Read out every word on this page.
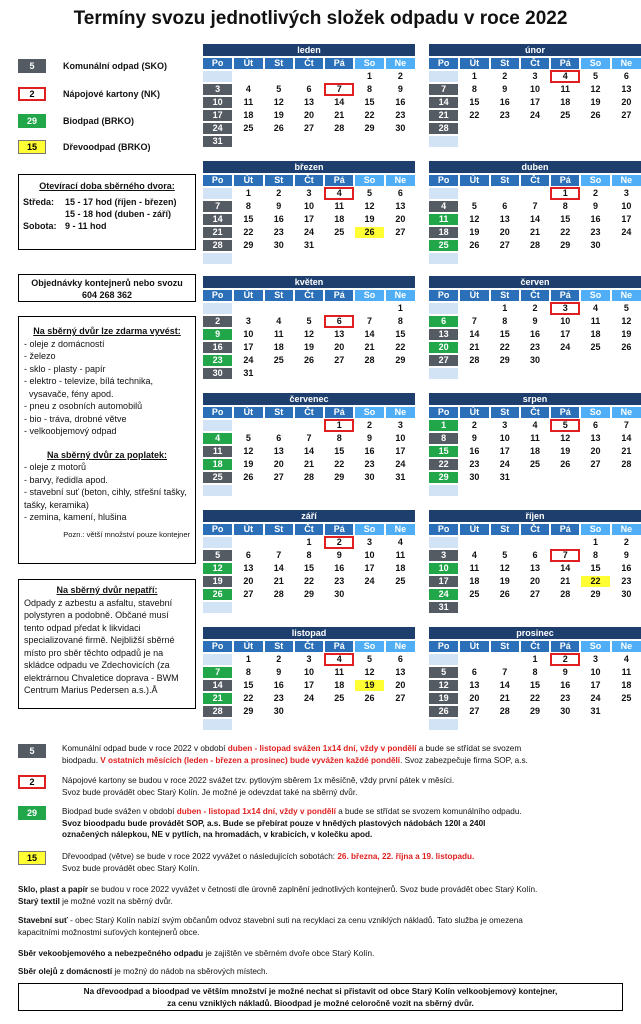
Termíny svozu jednotlivých složek odpadu v roce 2022
5	Komunální odpad (SKO)
2	Nápojové kartony (NK)
29	Biodpad (BRKO)
15	Dřevoodpad (BRKO)
Otevírací doba sběrného dvora:
Středa:	15 - 17 hod (říjen - březen)
15 - 18 hod (duben - září)
Sobota: 9 - 11 hod
Objednávky kontejnerů nebo svozu
604 268 362
Na sběrný dvůr lze zdarma vyvést:
- oleje z domácností
- železo
- sklo - plasty - papír
- elektro - televize, bílá technika,
vysavače, fény apod.
- pneu z osobních automobilů
- bio - tráva, drobné větve
- velkoobjemový odpad
Na sběrný dvůr za poplatek:
- oleje z motorů
- barvy, ředidla apod.
- stavební suť (beton, cihly, střešní tašky,
tašky, keramika)
- zemina, kamení, hlušina
Pozn.: větší množství pouze kontejner
Na sběrný dvůr nepatří:
Odpady z azbestu a asfaltu, stavební
polystyren a podobně. Občané musí
tento odpad předat k likvidaci
specializované firmě. Nejbližší sběrné
místo pro sběr těchto odpadů je na
skládce odpadu ve Zdechovicích (za
elektrárnou Chvaletice doprava - BWM
Centrum Marius Pedersen a.s.).Å
leden						
Po	Út	St	Čt	Pá	So	Ne
					1	2
3	4	5	6	7	8	9
10	11	12	13	14	15	16
17	18	19	20	21	22	23
24	25	26	27	28	29	30
31						
únor						
Po	Út	St	Čt	Pá	So	Ne
	1	2	3	4	5	6
7	8	9	10	11	12	13
14	15	16	17	18	19	20
21	22	23	24	25	26	27
28						

březen						
Po	Út	St	Čt	Pá	So	Ne
	1	2	3	4	5	6
7	8	9	10	11	12	13
14	15	16	17	18	19	20
21	22	23	24	25	26	27
28	29	30	31			

duben						
Po	Út	St	Čt	Pá	So	Ne
				1	2	3
4	5	6	7	8	9	10
11	12	13	14	15	16	17
18	19	20	21	22	23	24
25	26	27	28	29	30	

květen						
Po	Út	St	Čt	Pá	So	Ne
						1
2	3	4	5	6	7	8
9	10	11	12	13	14	15
16	17	18	19	20	21	22
23	24	25	26	27	28	29
30	31					
červen						
Po	Út	St	Čt	Pá	So	Ne
		1	2	3	4	5
6	7	8	9	10	11	12
13	14	15	16	17	18	19
20	21	22	23	24	25	26
27	28	29	30			

červenec						
Po	Út	St	Čt	Pá	So	Ne
				1	2	3
4	5	6	7	8	9	10
11	12	13	14	15	16	17
18	19	20	21	22	23	24
25	26	27	28	29	30	31

srpen						
Po	Út	St	Čt	Pá	So	Ne
1	2	3	4	5	6	7
8	9	10	11	12	13	14
15	16	17	18	19	20	21
22	23	24	25	26	27	28
29	30	31				

září						
Po	Út	St	Čt	Pá	So	Ne
			1	2	3	4
5	6	7	8	9	10	11
12	13	14	15	16	17	18
19	20	21	22	23	24	25
26	27	28	29	30		

říjen						
Po	Út	St	Čt	Pá	So	Ne
					1	2
3	4	5	6	7	8	9
10	11	12	13	14	15	16
17	18	19	20	21	22	23
24	25	26	27	28	29	30
31						
listopad						
Po	Út	St	Čt	Pá	So	Ne
	1	2	3	4	5	6
7	8	9	10	11	12	13
14	15	16	17	18	19	20
21	22	23	24	25	26	27
28	29	30				

prosinec						
Po	Út	St	Čt	Pá	So	Ne
			1	2	3	4
5	6	7	8	9	10	11
12	13	14	15	16	17	18
19	20	21	22	23	24	25
26	27	28	29	30	31	

5	Komunální odpad bude v roce 2022 v období duben - listopad svážen 1x14 dní, vždy v pondělí a bude se střídat se svozem
biodpadu. V ostatních měsících (leden - březen a prosinec) bude vyvážen každé pondělí. Svoz zabezpečuje firma SOP, a.s.
2	Nápojové kartony se budou v roce 2022 svážet tzv. pytlovým sběrem 1x měsíčně, vždy první pátek v měsíci.
Svoz bude provádět obec Starý Kolín. Je možné je odevzdat také na sběrný dvůr.
29	Biodpad bude svážen v období duben - listopad 1x14 dní, vždy v pondělí a bude se střídat se svozem komunálního odpadu.
Svoz bioodpadu bude provádět SOP, a.s. Bude se přebírat pouze v hnědých plastových nádobách 120l a 240l
označených nálepkou, NE v pytlích, na hromadách, v krabicích, v kolečku apod.
15	Dřevoodpad (větve) se bude v roce 2022 vyvážet o následujících sobotách: 26. března, 22. října a 19. listopadu.
Svoz bude provádět obec Starý Kolín.
Sklo, plast a papír se budou v roce 2022 vyvážet v četnosti dle úrovně zaplnění jednotlivých kontejnerů. Svoz bude provádět obec Starý Kolín.
Starý textil je možné vozit na sběrný dvůr.
Stavební suť - obec Starý Kolín nabízí svým občanům odvoz stavební suti na recyklaci za cenu vzniklých nákladů. Tato služba je omezena
kapacitními možnostmi suťových kontejnerů obce.
Sběr vekoobjemového a nebezpečného odpadu je zajištěn ve sběrném dvoře obce Starý Kolín.
Sběr olejů z domácností je možný do nádob na sběrových místech.
Na dřevoodpad a bioodpad ve větším množství je možné nechat si přistavit od obce Starý Kolín velkoobjemový kontejner,
za cenu vzniklých nákladů. Bioodpad je možné celoročně vozit na sběrný dvůr.
